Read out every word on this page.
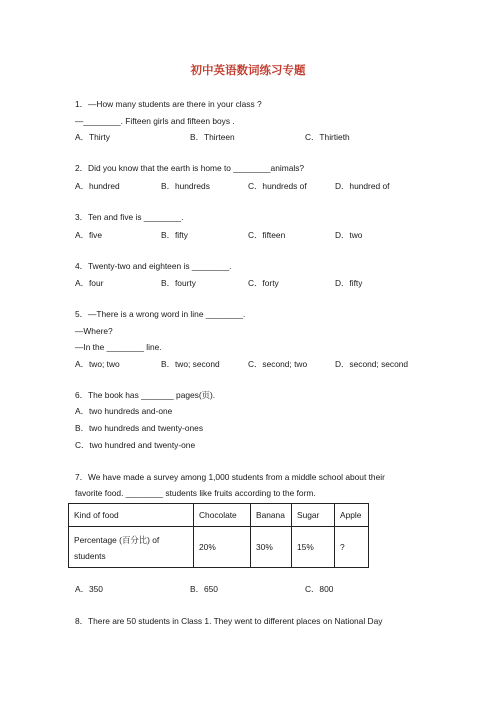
初中英语数词练习专题
1．—How many students are there in your class ?
—________. Fifteen girls and fifteen boys .
A．Thirty	B．Thirteen	C．Thirtieth
2．Did you know that the earth is home to ________animals?
A．hundred	B．hundreds	C．hundreds of	D．hundred of
3．Ten and five is ________.
A．five	B．fifty	C．fifteen	D．two
4．Twenty-two and eighteen is ________.
A．four	B．fourty	C．forty	D．fifty
5．—There is a wrong word in line ________.
—Where?
—In the ________ line.
A．two; two	B．two; second	C．second; two	D．second; second
6．The book has _______ pages(页).
A．two hundreds and-one
B．two hundreds and twenty-ones
C．two hundred and twenty-one
7．We have made a survey among 1,000 students from a middle school about their
favorite food. ________ students like fruits according to the form.
Kind of food	Chocolate	Banana	Sugar	Apple

Percentage (百分比) of
students	20%	30%	15%	?
A．350	B．650	C．800
8．There are 50 students in Class 1. They went to different places on National Day
